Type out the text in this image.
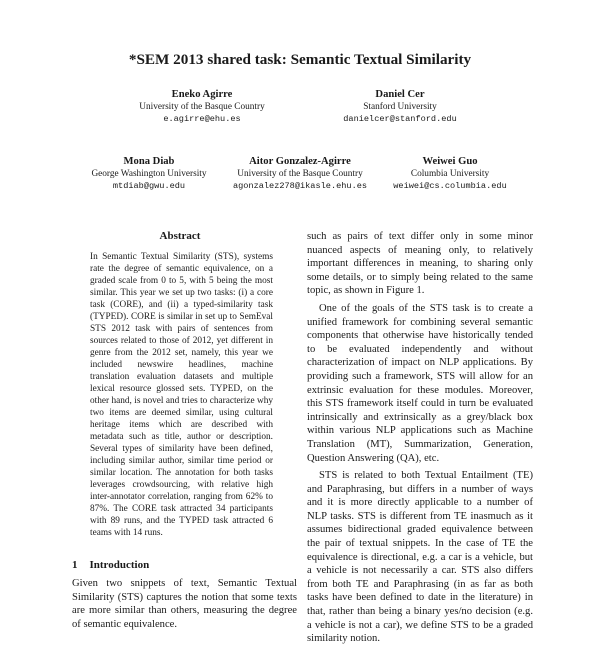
*SEM 2013 shared task: Semantic Textual Similarity
Eneko Agirre
University of the Basque Country
e.agirre@ehu.es
Daniel Cer
Stanford University
danielcer@stanford.edu
Mona Diab
George Washington University
mtdiab@gwu.edu
Aitor Gonzalez-Agirre
University of the Basque Country
agonzalez278@ikasle.ehu.es
Weiwei Guo
Columbia University
weiwei@cs.columbia.edu
Abstract

In Semantic Textual Similarity (STS), systems rate the degree of semantic equivalence, on a graded scale from 0 to 5, with 5 being the most similar. This year we set up two tasks: (i) a core task (CORE), and (ii) a typed-similarity task (TYPED). CORE is similar in set up to SemEval STS 2012 task with pairs of sentences from sources related to those of 2012, yet different in genre from the 2012 set, namely, this year we included newswire headlines, machine translation evaluation datasets and multiple lexical resource glossed sets. TYPED, on the other hand, is novel and tries to characterize why two items are deemed similar, using cultural heritage items which are described with metadata such as title, author or description. Several types of similarity have been defined, including similar author, similar time period or similar location. The annotation for both tasks leverages crowdsourcing, with relative high inter-annotator correlation, ranging from 62% to 87%. The CORE task attracted 34 participants with 89 runs, and the TYPED task attracted 6 teams with 14 runs.

1 Introduction

Given two snippets of text, Semantic Textual Similarity (STS) captures the notion that some texts are more similar than others, measuring the degree of semantic equivalence.

such as pairs of text differ only in some minor nuanced aspects of meaning only, to relatively important differences in meaning, to sharing only some details, or to simply being related to the same topic, as shown in Figure 1.

One of the goals of the STS task is to create a unified framework for combining several semantic components that otherwise have historically tended to be evaluated independently and without characterization of impact on NLP applications. By providing such a framework, STS will allow for an extrinsic evaluation for these modules. Moreover, this STS framework itself could in turn be evaluated intrinsically and extrinsically as a grey/black box within various NLP applications such as Machine Translation (MT), Summarization, Generation, Question Answering (QA), etc.

STS is related to both Textual Entailment (TE) and Paraphrasing, but differs in a number of ways and it is more directly applicable to a number of NLP tasks. STS is different from TE inasmuch as it assumes bidirectional graded equivalence between the pair of textual snippets. In the case of TE the equivalence is directional, e.g. a car is a vehicle, but a vehicle is not necessarily a car. STS also differs from both TE and Paraphrasing (in as far as both tasks have been defined to date in the literature) in that, rather than being a binary yes/no decision (e.g. a vehicle is not a car), we define STS to be a graded similarity notion.
